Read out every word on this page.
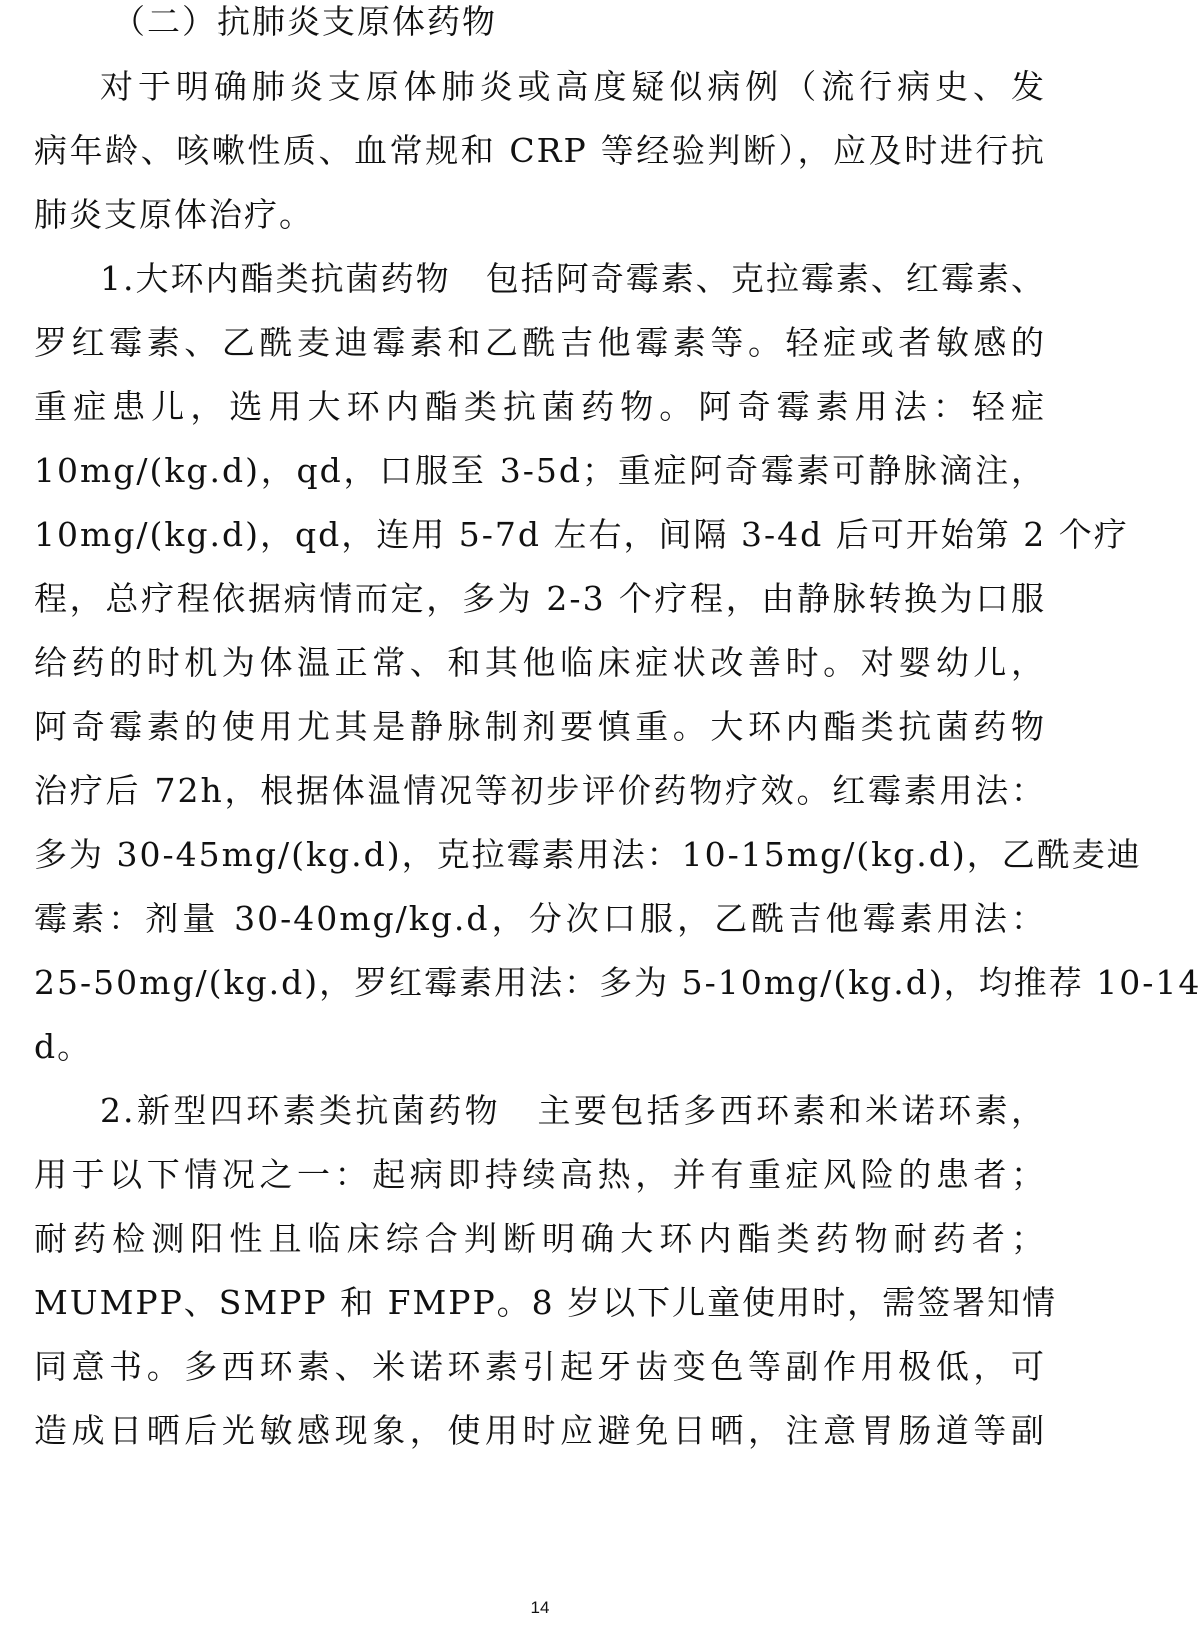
（二）抗肺炎支原体药物
对于明确肺炎支原体肺炎或高度疑似病例（流行病史、发
病年龄、咳嗽性质、血常规和 CRP 等经验判断），应及时进行抗
肺炎支原体治疗。
1.大环内酯类抗菌药物　包括阿奇霉素、克拉霉素、红霉素、
罗红霉素、乙酰麦迪霉素和乙酰吉他霉素等。轻症或者敏感的
重症患儿，选用大环内酯类抗菌药物。阿奇霉素用法：轻症
10mg/(kg.d)，qd，口服至 3-5d；重症阿奇霉素可静脉滴注，
10mg/(kg.d)，qd，连用 5-7d 左右，间隔 3-4d 后可开始第 2 个疗
程，总疗程依据病情而定，多为 2-3 个疗程，由静脉转换为口服
给药的时机为体温正常、和其他临床症状改善时。对婴幼儿，
阿奇霉素的使用尤其是静脉制剂要慎重。大环内酯类抗菌药物
治疗后 72h，根据体温情况等初步评价药物疗效。红霉素用法：
多为 30-45mg/(kg.d)，克拉霉素用法：10-15mg/(kg.d)，乙酰麦迪
霉素：剂量 30-40mg/kg.d，分次口服，乙酰吉他霉素用法：
25-50mg/(kg.d)，罗红霉素用法：多为 5-10mg/(kg.d)，均推荐 10-14
d。
2.新型四环素类抗菌药物　主要包括多西环素和米诺环素，
用于以下情况之一：起病即持续高热，并有重症风险的患者；
耐药检测阳性且临床综合判断明确大环内酯类药物耐药者；
MUMPP、SMPP 和 FMPP。8 岁以下儿童使用时，需签署知情
同意书。多西环素、米诺环素引起牙齿变色等副作用极低，可
造成日晒后光敏感现象，使用时应避免日晒，注意胃肠道等副
14
